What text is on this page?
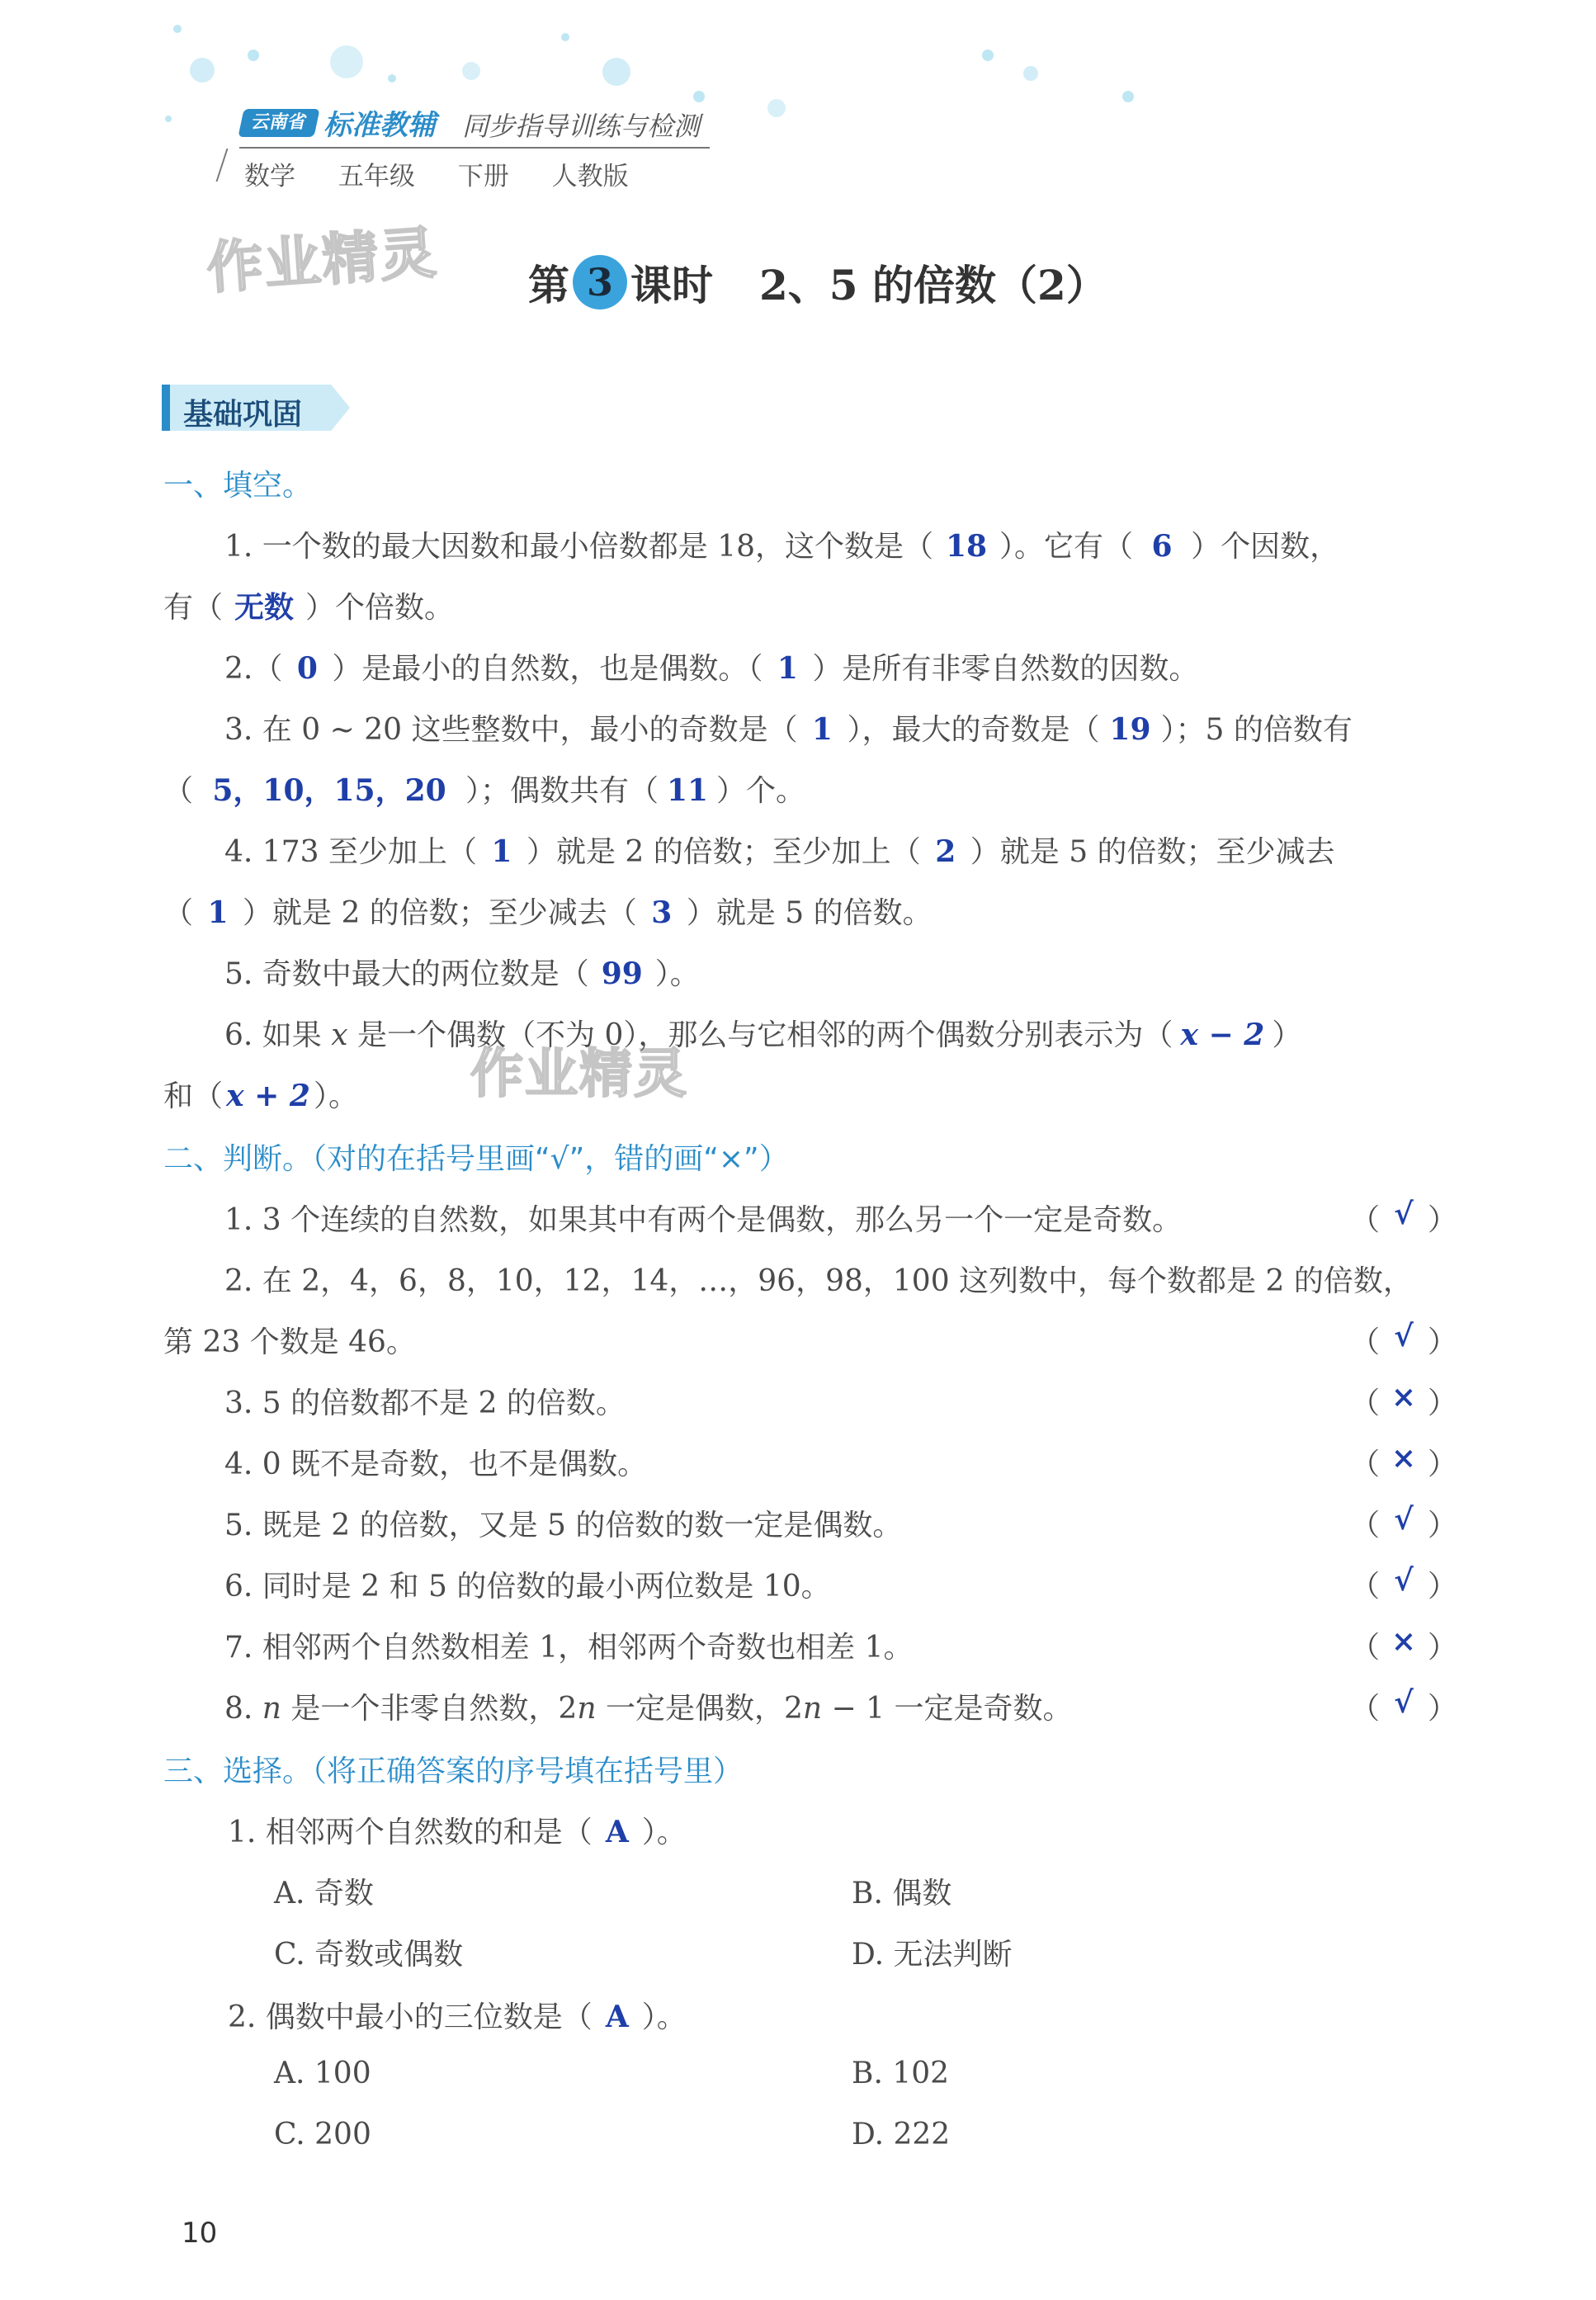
云南省 标准教辅 同步指导训练与检测
数学 五年级 下册 人教版
作业精灵
作业精灵
第 3 课时 2、5 的倍数（2）
基础巩固
一、填空。
1. 一个数的最大因数和最小倍数都是 18，这个数是（ 18 ）。它有（ 6 ）个因数，
有（ 无数 ）个倍数。
2.（ 0 ）是最小的自然数，也是偶数。（ 1 ）是所有非零自然数的因数。
3. 在 0 ~ 20 这些整数中，最小的奇数是（ 1 ），最大的奇数是（ 19 ）；5 的倍数有
（ 5，10，15，20 ）；偶数共有（ 11 ）个。
4. 173 至少加上（ 1 ）就是 2 的倍数；至少加上（ 2 ）就是 5 的倍数；至少减去
（ 1 ）就是 2 的倍数；至少减去（ 3 ）就是 5 的倍数。
5. 奇数中最大的两位数是（ 99 ）。
6. 如果 x 是一个偶数（不为 0），那么与它相邻的两个偶数分别表示为（ x − 2 ）
和（ x + 2 ）。
二、判断。（对的在括号里画“√”，错的画“×”）
1. 3 个连续的自然数，如果其中有两个是偶数，那么另一个一定是奇数。	（ √ ）
2. 在 2，4，6，8，10，12，14，…，96，98，100 这列数中，每个数都是 2 的倍数，
第 23 个数是 46。	（ √ ）
3. 5 的倍数都不是 2 的倍数。	（ × ）
4. 0 既不是奇数，也不是偶数。	（ × ）
5. 既是 2 的倍数，又是 5 的倍数的数一定是偶数。	（ √ ）
6. 同时是 2 和 5 的倍数的最小两位数是 10。	（ √ ）
7. 相邻两个自然数相差 1，相邻两个奇数也相差 1。	（ × ）
8. n 是一个非零自然数，2n 一定是偶数，2n − 1 一定是奇数。	（ √ ）
三、选择。（将正确答案的序号填在括号里）
1. 相邻两个自然数的和是（ A ）。
A. 奇数	B. 偶数
C. 奇数或偶数	D. 无法判断
2. 偶数中最小的三位数是（ A ）。
A. 100	B. 102
C. 200	D. 222
10
